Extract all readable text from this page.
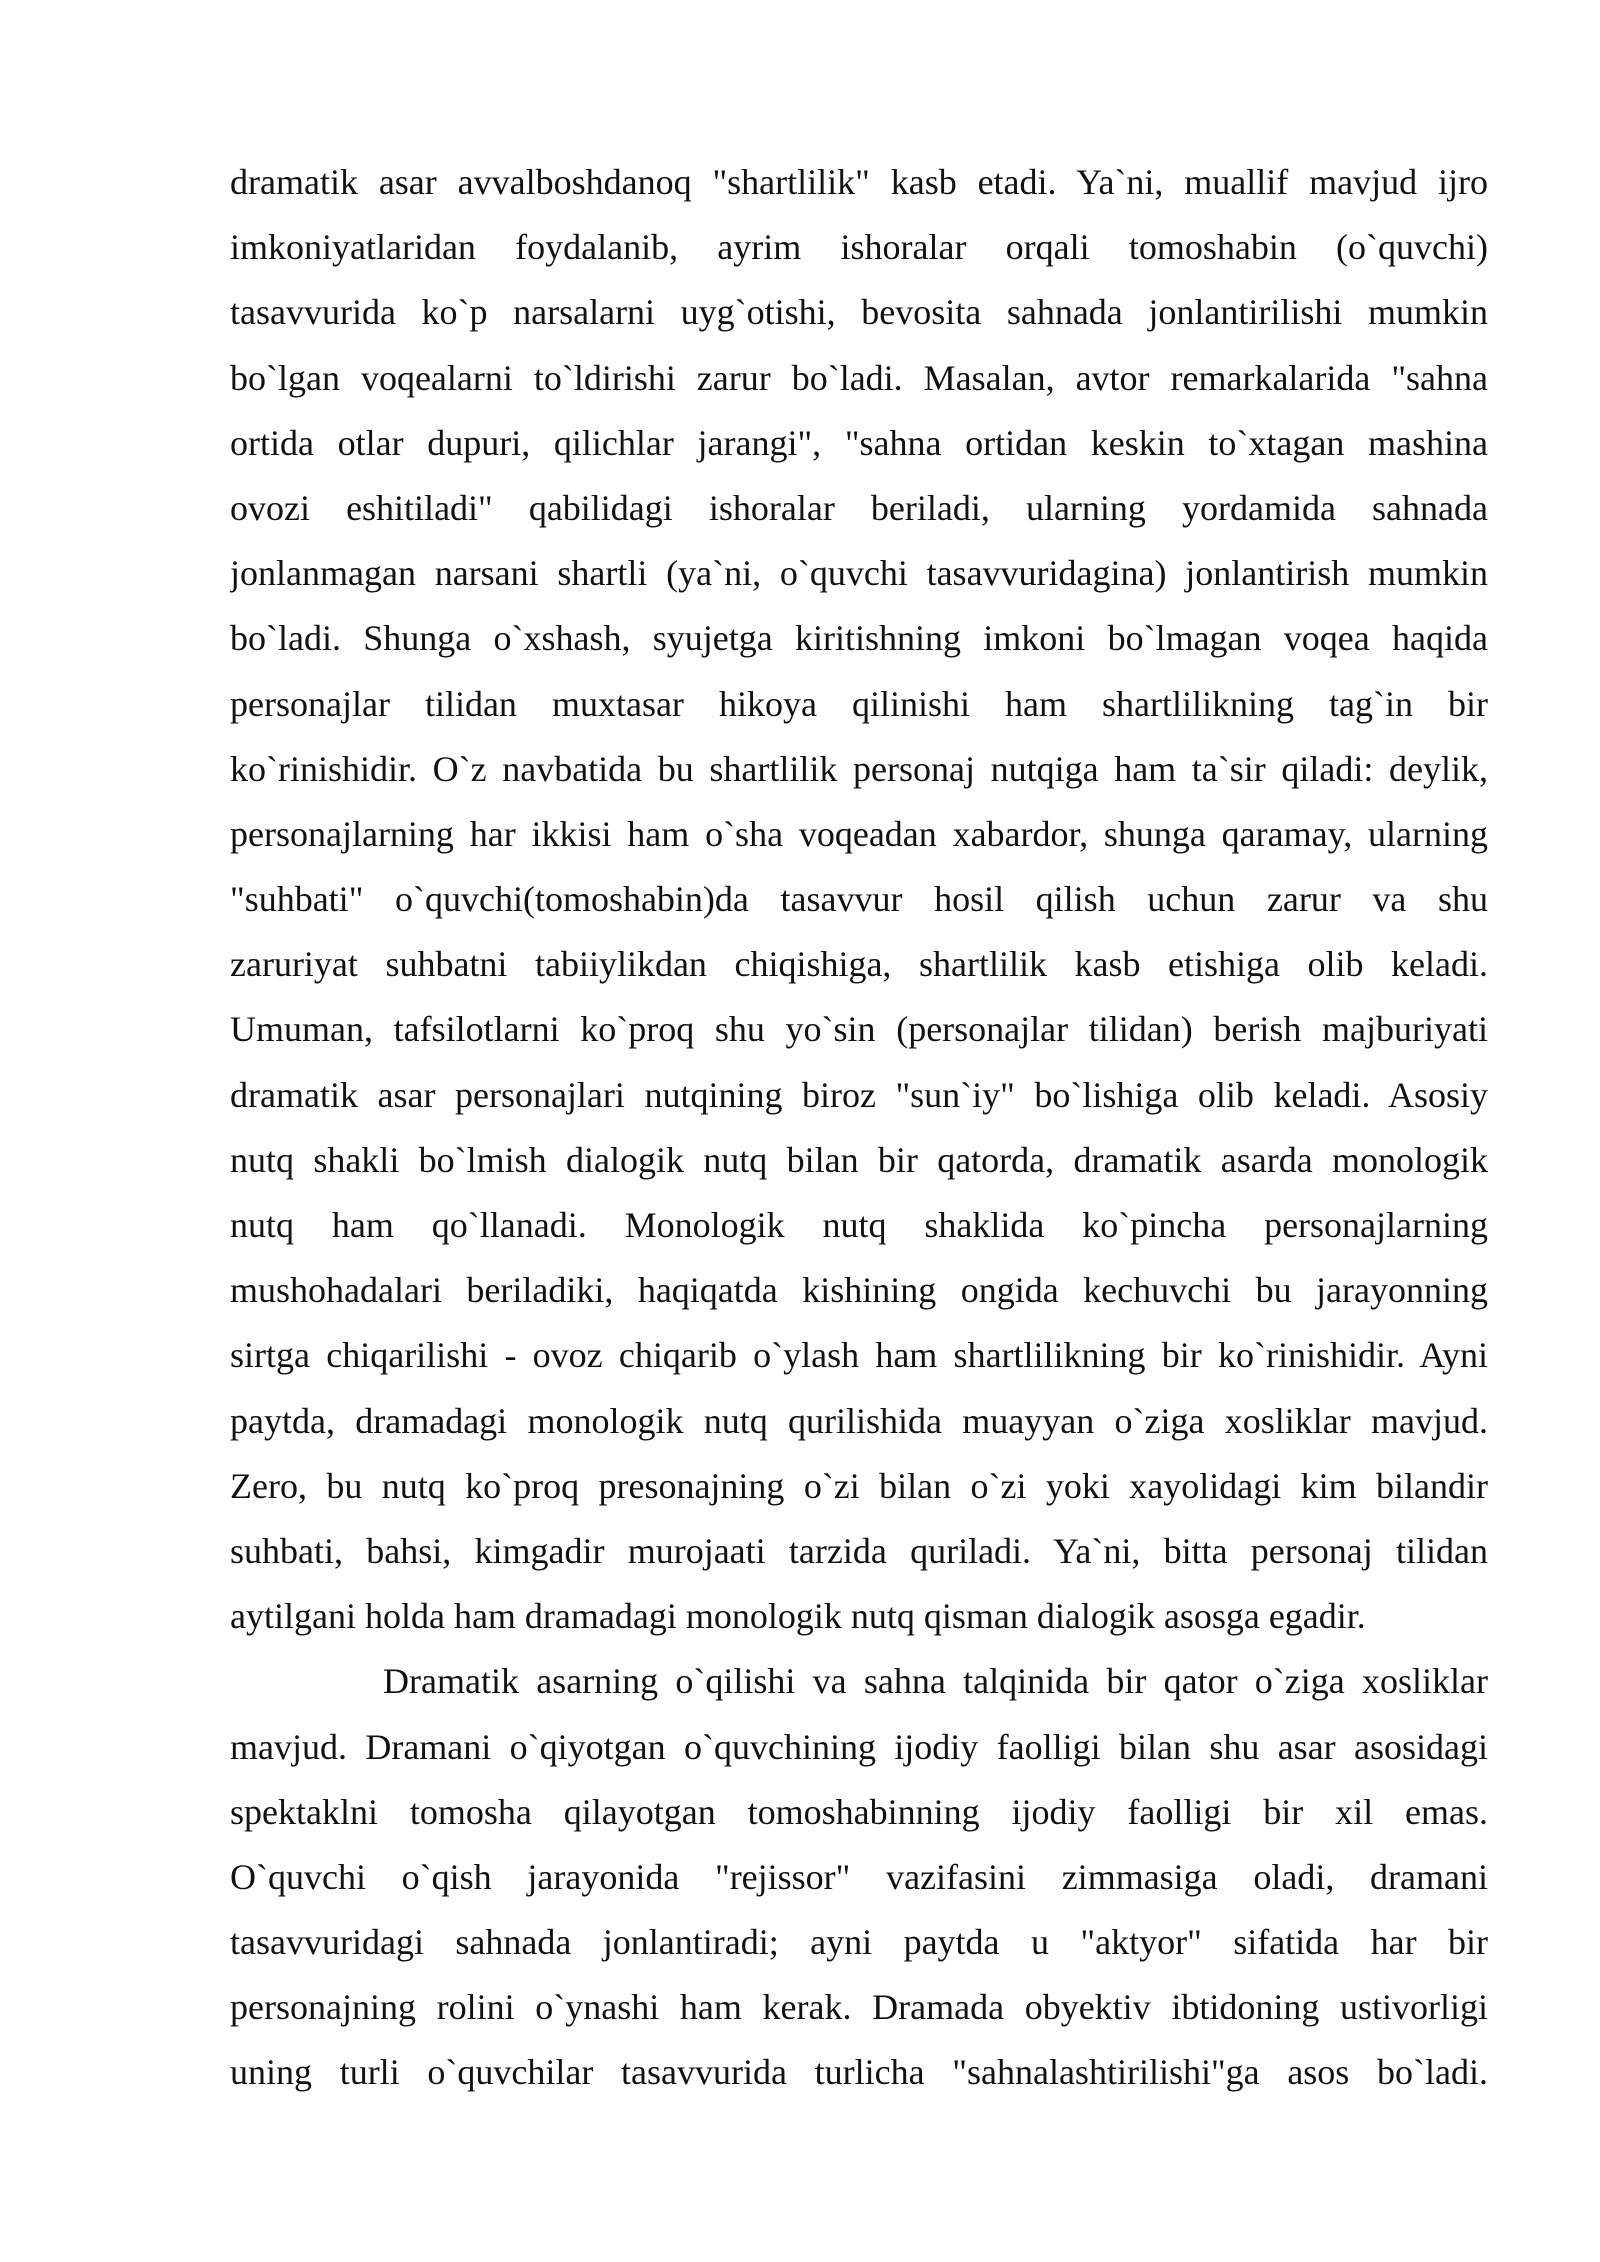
dramatik asar avvalboshdanoq "shartlilik" kasb etadi. Ya`ni, muallif mavjud ijro
imkoniyatlaridan foydalanib, ayrim ishoralar orqali tomoshabin (o`quvchi)
tasavvurida ko`p narsalarni uyg`otishi, bevosita sahnada jonlantirilishi mumkin
bo`lgan voqealarni to`ldirishi zarur bo`ladi. Masalan, avtor remarkalarida "sahna
ortida otlar dupuri, qilichlar jarangi", "sahna ortidan keskin to`xtagan mashina
ovozi eshitiladi" qabilidagi ishoralar beriladi, ularning yordamida sahnada
jonlanmagan narsani shartli (ya`ni, o`quvchi tasavvuridagina) jonlantirish mumkin
bo`ladi. Shunga o`xshash, syujetga kiritishning imkoni bo`lmagan voqea haqida
personajlar tilidan muxtasar hikoya qilinishi ham shartlilikning tag`in bir
ko`rinishidir. O`z navbatida bu shartlilik personaj nutqiga ham ta`sir qiladi: deylik,
personajlarning har ikkisi ham o`sha voqeadan xabardor, shunga qaramay, ularning
"suhbati" o`quvchi(tomoshabin)da tasavvur hosil qilish uchun zarur va shu
zaruriyat suhbatni tabiiylikdan chiqishiga, shartlilik kasb etishiga olib keladi.
Umuman, tafsilotlarni ko`proq shu yo`sin (personajlar tilidan) berish majburiyati
dramatik asar personajlari nutqining biroz "sun`iy" bo`lishiga olib keladi. Asosiy
nutq shakli bo`lmish dialogik nutq bilan bir qatorda, dramatik asarda monologik
nutq ham qo`llanadi. Monologik nutq shaklida ko`pincha personajlarning
mushohadalari beriladiki, haqiqatda kishining ongida kechuvchi bu jarayonning
sirtga chiqarilishi - ovoz chiqarib o`ylash ham shartlilikning bir ko`rinishidir. Ayni
paytda, dramadagi monologik nutq qurilishida muayyan o`ziga xosliklar mavjud.
Zero, bu nutq ko`proq presonajning o`zi bilan o`zi yoki xayolidagi kim bilandir
suhbati, bahsi, kimgadir murojaati tarzida quriladi. Ya`ni, bitta personaj tilidan
aytilgani holda ham dramadagi monologik nutq qisman dialogik asosga egadir.
Dramatik asarning o`qilishi va sahna talqinida bir qator o`ziga xosliklar
mavjud. Dramani o`qiyotgan o`quvchining ijodiy faolligi bilan shu asar asosidagi
spektaklni tomosha qilayotgan tomoshabinning ijodiy faolligi bir xil emas.
O`quvchi o`qish jarayonida "rejissor" vazifasini zimmasiga oladi, dramani
tasavvuridagi sahnada jonlantiradi; ayni paytda u "aktyor" sifatida har bir
personajning rolini o`ynashi ham kerak. Dramada obyektiv ibtidoning ustivorligi
uning turli o`quvchilar tasavvurida turlicha "sahnalashtirilishi"ga asos bo`ladi.
